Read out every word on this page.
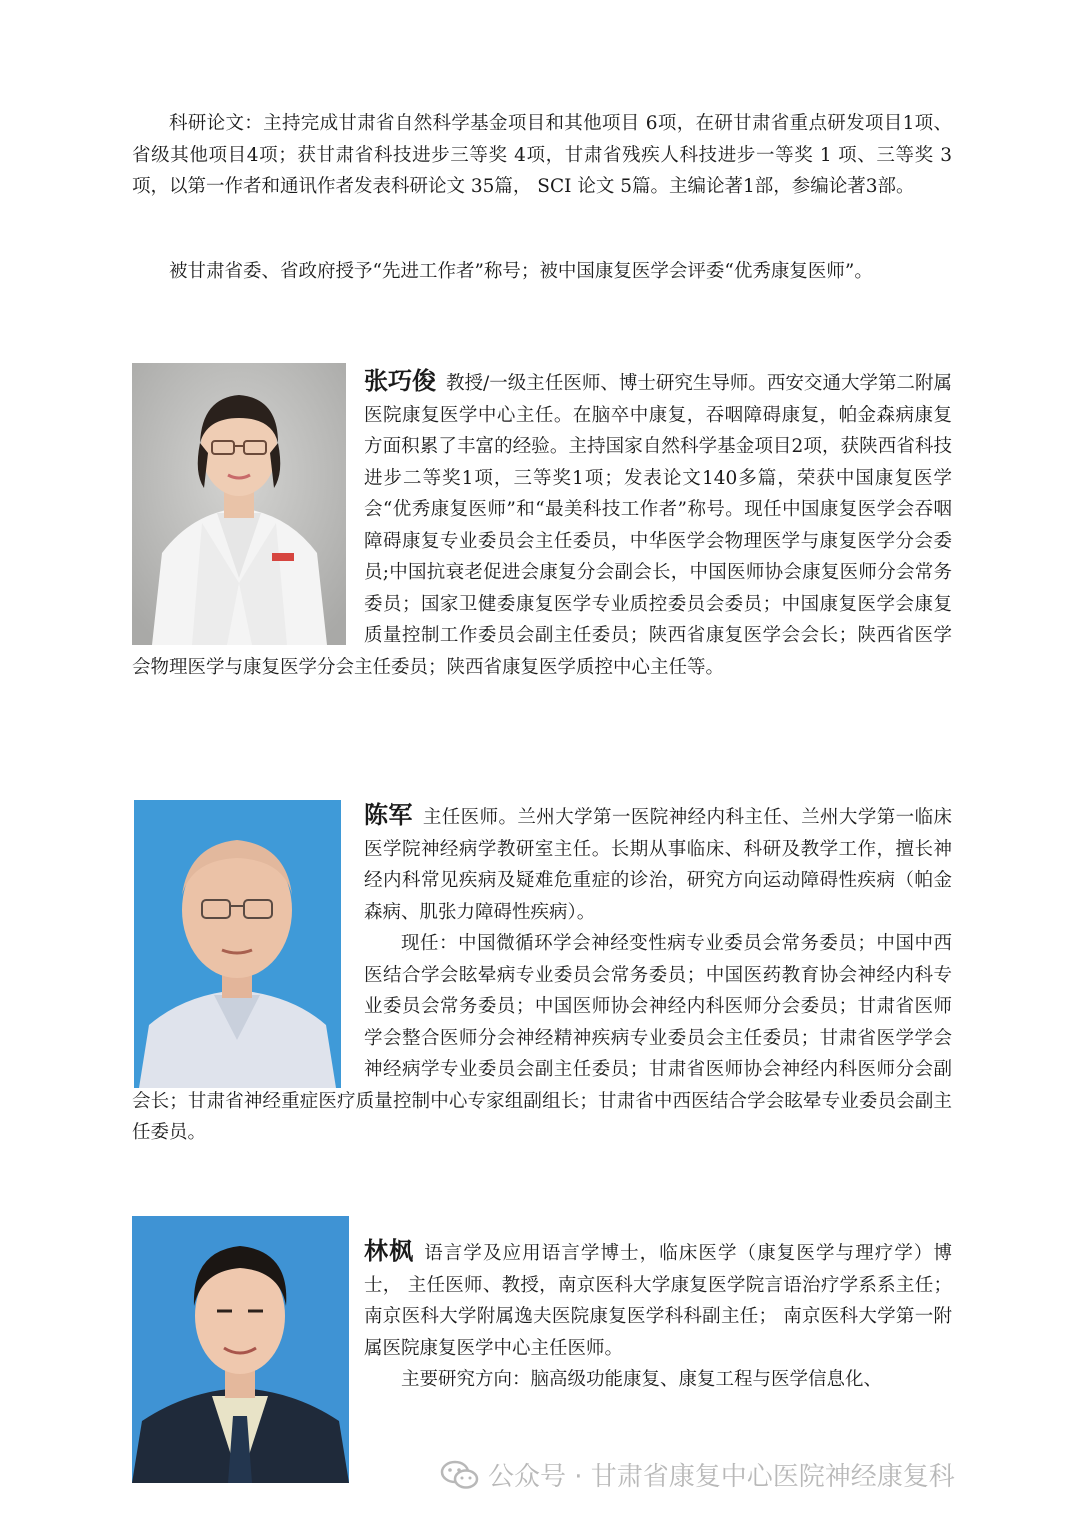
科研论文：主持完成甘肃省自然科学基金项目和其他项目 6项，在研甘肃省重点研发项目1项、省级其他项目4项；获甘肃省科技进步三等奖 4项，甘肃省残疾人科技进步一等奖 1 项、三等奖 3 项，以第一作者和通讯作者发表科研论文 35篇， SCI 论文 5篇。主编论著1部，参编论著3部。

被甘肃省委、省政府授予“先进工作者”称号；被中国康复医学会评委“优秀康复医师”。

张巧俊 教授/一级主任医师、博士研究生导师。西安交通大学第二附属医院康复医学中心主任。在脑卒中康复，吞咽障碍康复，帕金森病康复方面积累了丰富的经验。主持国家自然科学基金项目2项，获陕西省科技进步二等奖1项，三等奖1项；发表论文140多篇，荣获中国康复医学会“优秀康复医师”和“最美科技工作者”称号。现任中国康复医学会吞咽障碍康复专业委员会主任委员，中华医学会物理医学与康复医学分会委员;中国抗衰老促进会康复分会副会长，中国医师协会康复医师分会常务委员；国家卫健委康复医学专业质控委员会委员；中国康复医学会康复质量控制工作委员会副主任委员；陕西省康复医学会会长；陕西省医学会物理医学与康复医学分会主任委员；陕西省康复医学质控中心主任等。
陈军 主任医师。兰州大学第一医院神经内科主任、兰州大学第一临床医学院神经病学教研室主任。长期从事临床、科研及教学工作，擅长神经内科常见疾病及疑难危重症的诊治，研究方向运动障碍性疾病（帕金森病、肌张力障碍性疾病）。
现任：中国微循环学会神经变性病专业委员会常务委员；中国中西医结合学会眩晕病专业委员会常务委员；中国医药教育协会神经内科专业委员会常务委员；中国医师协会神经内科医师分会委员；甘肃省医师学会整合医师分会神经精神疾病专业委员会主任委员；甘肃省医学学会神经病学专业委员会副主任委员；甘肃省医师协会神经内科医师分会副会长；甘肃省神经重症医疗质量控制中心专家组副组长；甘肃省中西医结合学会眩晕专业委员会副主任委员。
林枫 语言学及应用语言学博士，临床医学（康复医学与理疗学）博士， 主任医师、教授，南京医科大学康复医学院言语治疗学系系主任； 南京医科大学附属逸夫医院康复医学科科副主任； 南京医科大学第一附属医院康复医学中心主任医师。
主要研究方向：脑高级功能康复、康复工程与医学信息化、
公众号 · 甘肃省康复中心医院神经康复科
